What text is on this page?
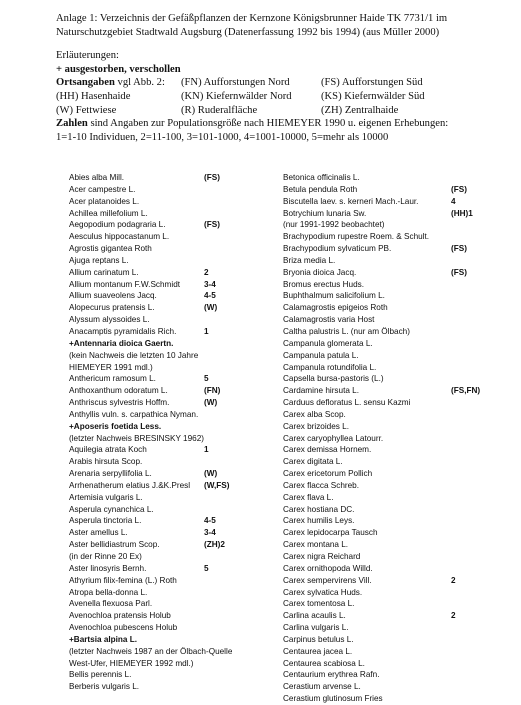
Anlage 1: Verzeichnis der Gefäßpflanzen der Kernzone Königsbrunner Haide TK 7731/1 im

Naturschutzgebiet Stadtwald Augsburg (Datenerfassung 1992 bis 1994) (aus Müller 2000)

Erläuterungen:

+ ausgestorben, verschollen

Ortsangaben vgl Abb. 2:	(FN) Aufforstungen Nord	(FS) Aufforstungen Süd
(HH) Hasenhaide	(KN) Kiefernwälder Nord	(KS) Kiefernwälder Süd
(W) Fettwiese	(R) Ruderalfläche	(ZH) Zentralhaide

Zahlen sind Angaben zur Populationsgröße nach HIEMEYER 1990 u. eigenen Erhebungen:

1=1-10 Individuen, 2=11-100, 3=101-1000, 4=1001-10000, 5=mehr als 10000

Abies alba Mill.	(FS)
Acer campestre L.
Acer platanoides L.
Achillea millefolium L.
Aegopodium podagraria L.	(FS)
Aesculus hippocastanum L.
Agrostis gigantea Roth
Ajuga reptans L.
Allium carinatum L.	2
Allium montanum F.W.Schmidt	3-4
Allium suaveolens Jacq.	4-5
Alopecurus pratensis L.	(W)
Alyssum alyssoides L.
Anacamptis pyramidalis Rich.	1
+Antennaria dioica Gaertn.
(kein Nachweis die letzten 10 Jahre
HIEMEYER 1991 mdl.)
Anthericum ramosum L.	5
Anthoxanthum odoratum L.	(FN)
Anthriscus sylvestris Hoffm.	(W)
Anthyllis vuln. s. carpathica Nyman.
+Aposeris foetida Less.
(letzter Nachweis BRESINSKY 1962)
Aquilegia atrata Koch	1
Arabis hirsuta Scop.
Arenaria serpyllifolia L.	(W)
Arrhenatherum elatius J.&K.Presl	(W,FS)
Artemisia vulgaris L.
Asperula cynanchica L.
Asperula tinctoria L.	4-5
Aster amellus L.	3-4
Aster bellidiastrum Scop.	(ZH)2
(in der Rinne 20 Ex)
Aster linosyris Bernh.	5
Athyrium filix-femina (L.) Roth
Atropa bella-donna L.
Avenella flexuosa Parl.
Avenochloa pratensis Holub
Avenochloa pubescens Holub
+Bartsia alpina L.
(letzter Nachweis 1987 an der Ölbach-Quelle
West-Ufer, HIEMEYER 1992 mdl.)
Bellis perennis L.
Berberis vulgaris L.
Betonica officinalis L.
Betula pendula Roth	(FS)
Biscutella laev. s. kerneri Mach.-Laur.	4
Botrychium lunaria Sw.	(HH)1
(nur 1991-1992 beobachtet)
Brachypodium rupestre Roem. & Schult.
Brachypodium sylvaticum PB.	(FS)
Briza media L.
Bryonia dioica Jacq.	(FS)
Bromus erectus Huds.
Buphthalmum salicifolium L.
Calamagrostis epigeios Roth
Calamagrostis varia Host
Caltha palustris L. (nur am Ölbach)
Campanula glomerata L.
Campanula patula L.
Campanula rotundifolia L.
Capsella bursa-pastoris (L.)
Cardamine hirsuta L.	(FS,FN)
Carduus defloratus L. sensu Kazmi
Carex alba Scop.
Carex brizoides L.
Carex caryophyllea Latourr.
Carex demissa Hornem.
Carex digitata L.
Carex ericetorum Pollich
Carex flacca Schreb.
Carex flava L.
Carex hostiana DC.
Carex humilis Leys.
Carex lepidocarpa Tausch
Carex montana L.
Carex nigra Reichard
Carex ornithopoda Willd.
Carex sempervirens Vill.	2
Carex sylvatica Huds.
Carex tomentosa L.
Carlina acaulis L.	2
Carlina vulgaris L.
Carpinus betulus L.
Centaurea jacea L.
Centaurea scabiosa L.
Centaurium erythrea Rafn.
Cerastium arvense L.
Cerastium glutinosum Fries
